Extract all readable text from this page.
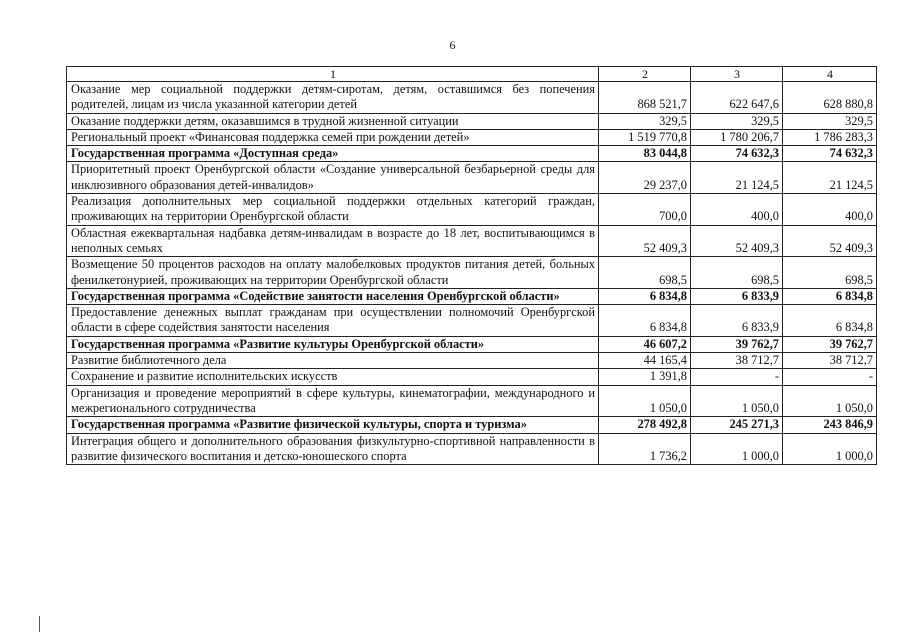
6
1	2	3	4
Оказание мер социальной поддержки детям-сиротам, детям, оставшимся без попечения родителей, лицам из числа указанной категории детей	868 521,7	622 647,6	628 880,8
Оказание поддержки детям, оказавшимся в трудной жизненной ситуации	329,5	329,5	329,5
Региональный проект «Финансовая поддержка семей при рождении детей»	1 519 770,8	1 780 206,7	1 786 283,3
Государственная программа «Доступная среда»	83 044,8	74 632,3	74 632,3
Приоритетный проект Оренбургской области «Создание универсальной безбарьерной среды для инклюзивного образования детей-инвалидов»	29 237,0	21 124,5	21 124,5
Реализация дополнительных мер социальной поддержки отдельных категорий граждан, проживающих на территории Оренбургской области	700,0	400,0	400,0
Областная ежеквартальная надбавка детям-инвалидам в возрасте до 18 лет, воспитывающимся в неполных семьях	52 409,3	52 409,3	52 409,3
Возмещение 50 процентов расходов на оплату малобелковых продуктов питания детей, больных фенилкетонурией, проживающих на территории Оренбургской области	698,5	698,5	698,5
Государственная программа «Содействие занятости населения Оренбургской области»	6 834,8	6 833,9	6 834,8
Предоставление денежных выплат гражданам при осуществлении полномочий Оренбургской области в сфере содействия занятости населения	6 834,8	6 833,9	6 834,8
Государственная программа «Развитие культуры Оренбургской области»	46 607,2	39 762,7	39 762,7
Развитие библиотечного дела	44 165,4	38 712,7	38 712,7
Сохранение и развитие исполнительских искусств	1 391,8	-	-
Организация и проведение мероприятий в сфере культуры, кинематографии, международного и межрегионального сотрудничества	1 050,0	1 050,0	1 050,0
Государственная программа «Развитие физической культуры, спорта и туризма»	278 492,8	245 271,3	243 846,9
Интеграция общего и дополнительного образования физкультурно-спортивной направленности в развитие физического воспитания и детско-юношеского спорта	1 736,2	1 000,0	1 000,0
